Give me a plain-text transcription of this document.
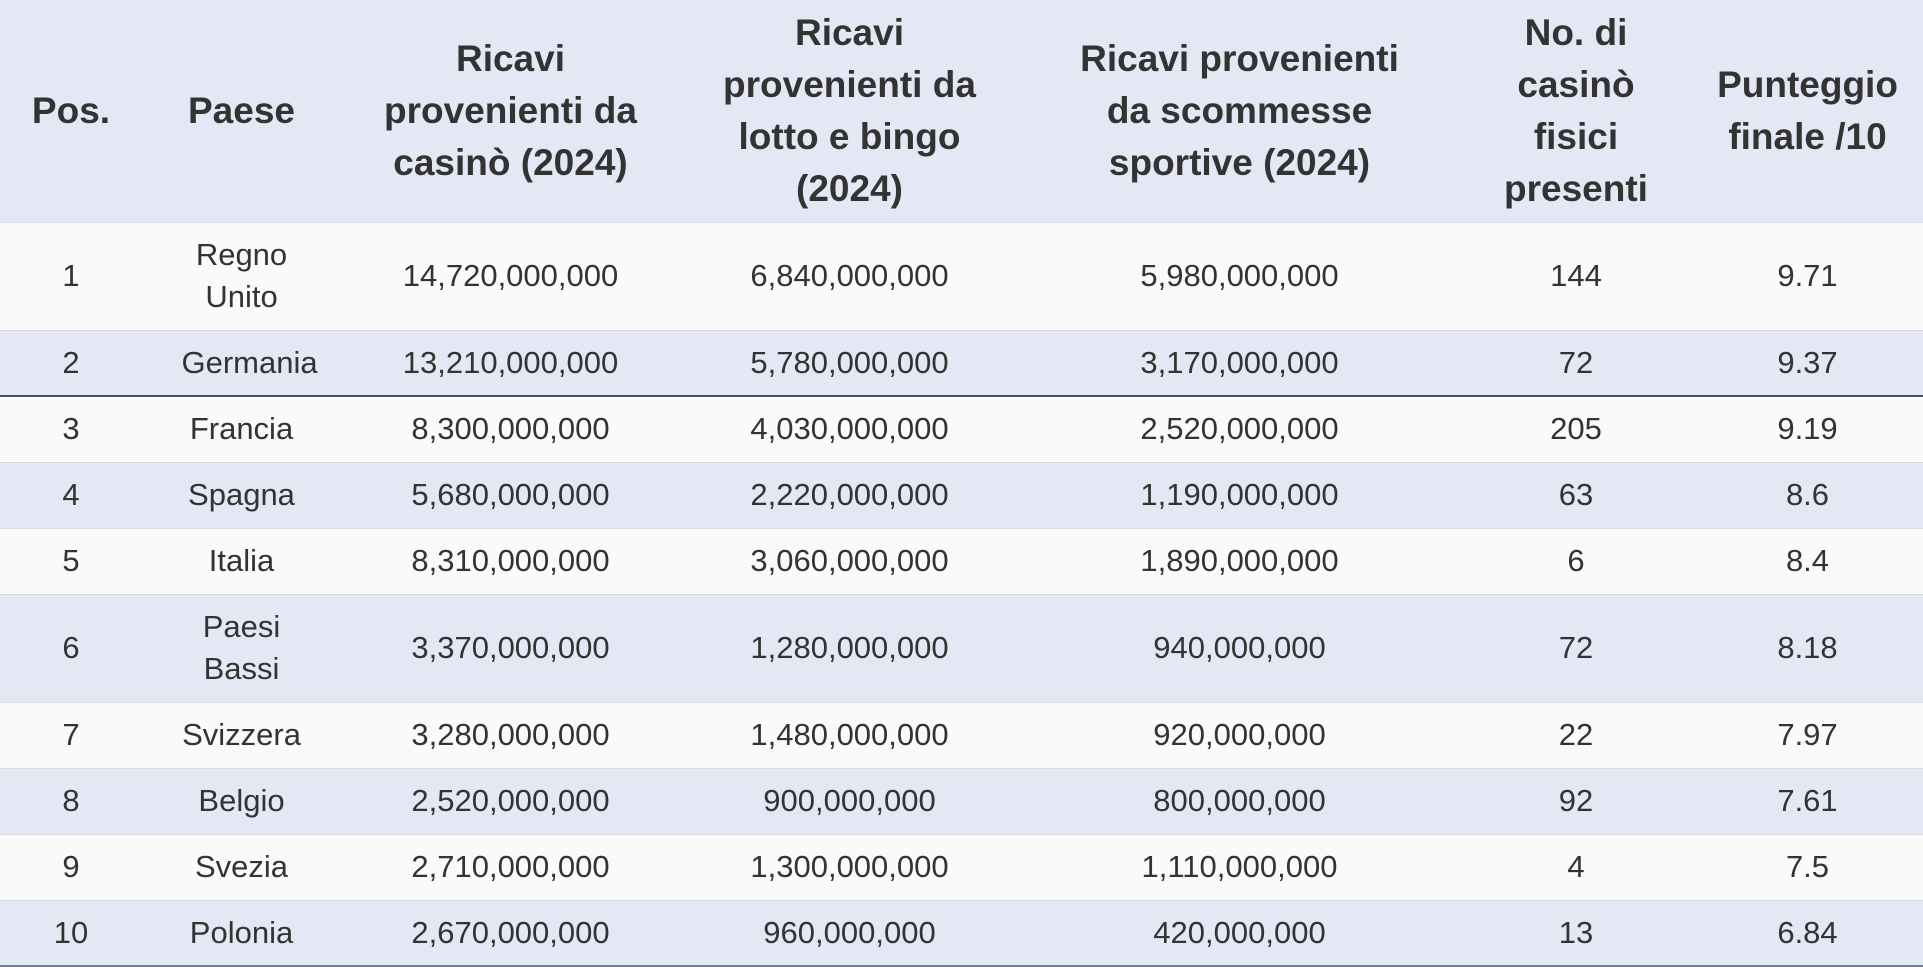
Pos.	Paese	Ricavi provenienti da casinò (2024)	Ricavi provenienti da lotto e bingo (2024)	Ricavi provenienti da scommesse sportive (2024)	No. di casinò fisici presenti	Punteggio finale /10
1	Regno Unito	14,720,000,000	6,840,000,000	5,980,000,000	144	9.71
2	Germania	13,210,000,000	5,780,000,000	3,170,000,000	72	9.37
3	Francia	8,300,000,000	4,030,000,000	2,520,000,000	205	9.19
4	Spagna	5,680,000,000	2,220,000,000	1,190,000,000	63	8.6
5	Italia	8,310,000,000	3,060,000,000	1,890,000,000	6	8.4
6	Paesi Bassi	3,370,000,000	1,280,000,000	940,000,000	72	8.18
7	Svizzera	3,280,000,000	1,480,000,000	920,000,000	22	7.97
8	Belgio	2,520,000,000	900,000,000	800,000,000	92	7.61
9	Svezia	2,710,000,000	1,300,000,000	1,110,000,000	4	7.5
10	Polonia	2,670,000,000	960,000,000	420,000,000	13	6.84
